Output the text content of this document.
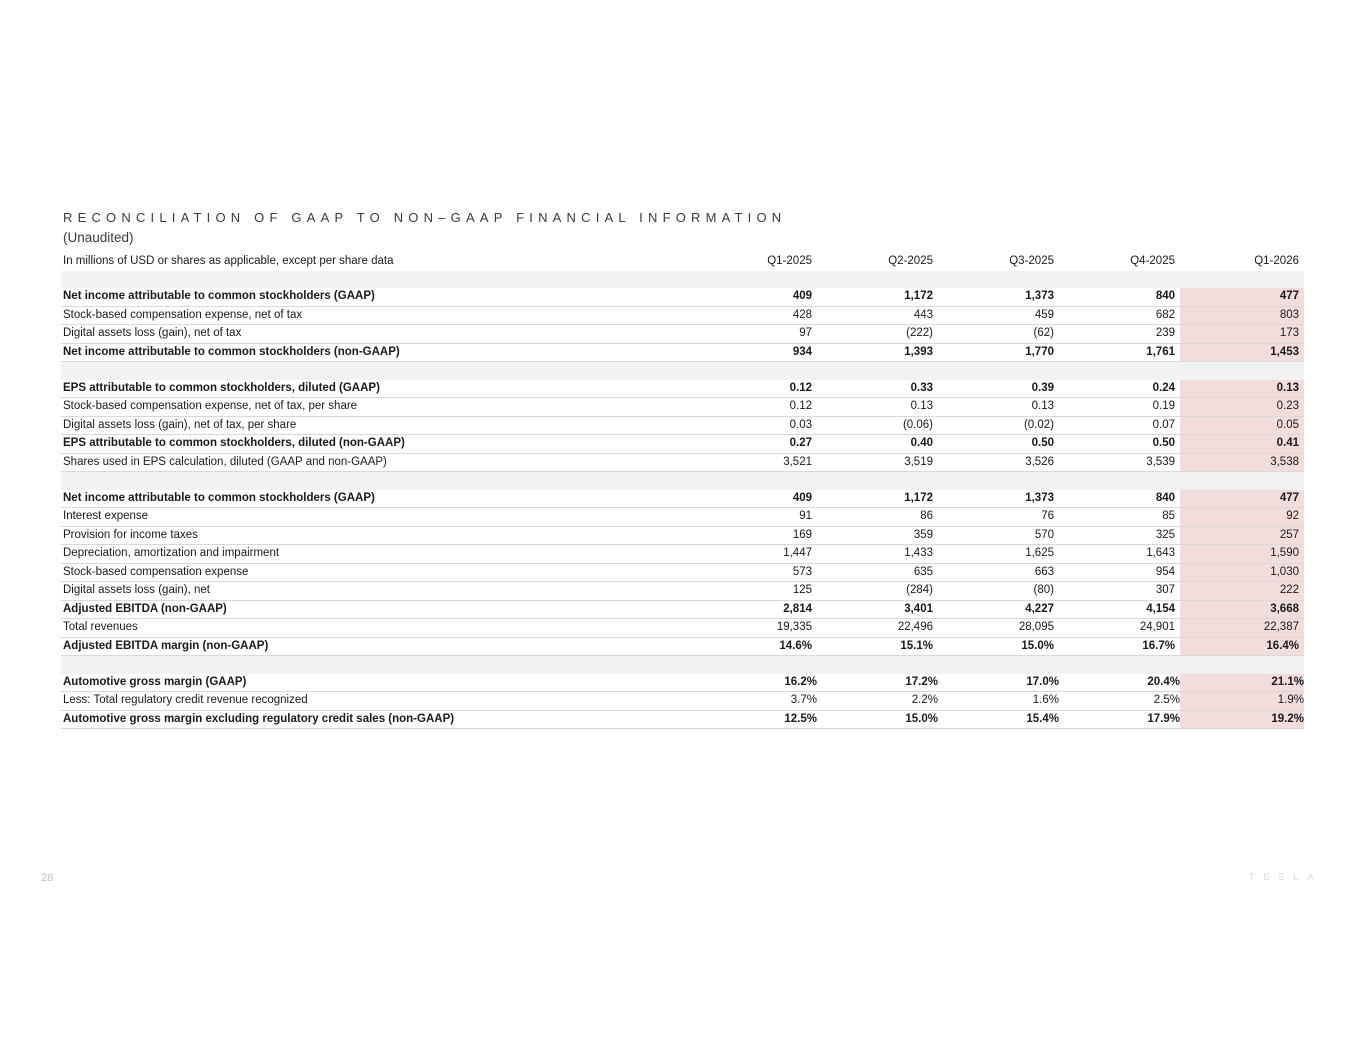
RECONCILIATION OF GAAP TO NON–GAAP FINANCIAL INFORMATION
(Unaudited)
In millions of USD or shares as applicable, except per share data	Q1-2025	Q2-2025	Q3-2025	Q4-2025	Q1-2026

Net income attributable to common stockholders (GAAP)	409	1,172	1,373	840	477
Stock-based compensation expense, net of tax	428	443	459	682	803
Digital assets loss (gain), net of tax	97	(222)	(62)	239	173
Net income attributable to common stockholders (non-GAAP)	934	1,393	1,770	1,761	1,453

EPS attributable to common stockholders, diluted (GAAP)	0.12	0.33	0.39	0.24	0.13
Stock-based compensation expense, net of tax, per share	0.12	0.13	0.13	0.19	0.23
Digital assets loss (gain), net of tax, per share	0.03	(0.06)	(0.02)	0.07	0.05
EPS attributable to common stockholders, diluted (non-GAAP)	0.27	0.40	0.50	0.50	0.41
Shares used in EPS calculation, diluted (GAAP and non-GAAP)	3,521	3,519	3,526	3,539	3,538

Net income attributable to common stockholders (GAAP)	409	1,172	1,373	840	477
Interest expense	91	86	76	85	92
Provision for income taxes	169	359	570	325	257
Depreciation, amortization and impairment	1,447	1,433	1,625	1,643	1,590
Stock-based compensation expense	573	635	663	954	1,030
Digital assets loss (gain), net	125	(284)	(80)	307	222
Adjusted EBITDA (non-GAAP)	2,814	3,401	4,227	4,154	3,668
Total revenues	19,335	22,496	28,095	24,901	22,387
Adjusted EBITDA margin (non-GAAP)	14.6%	15.1%	15.0%	16.7%	16.4%

Automotive gross margin (GAAP)	16.2%	17.2%	17.0%	20.4%	21.1%
Less: Total regulatory credit revenue recognized	3.7%	2.2%	1.6%	2.5%	1.9%
Automotive gross margin excluding regulatory credit sales (non-GAAP)	12.5%	15.0%	15.4%	17.9%	19.2%
28	TESLA
